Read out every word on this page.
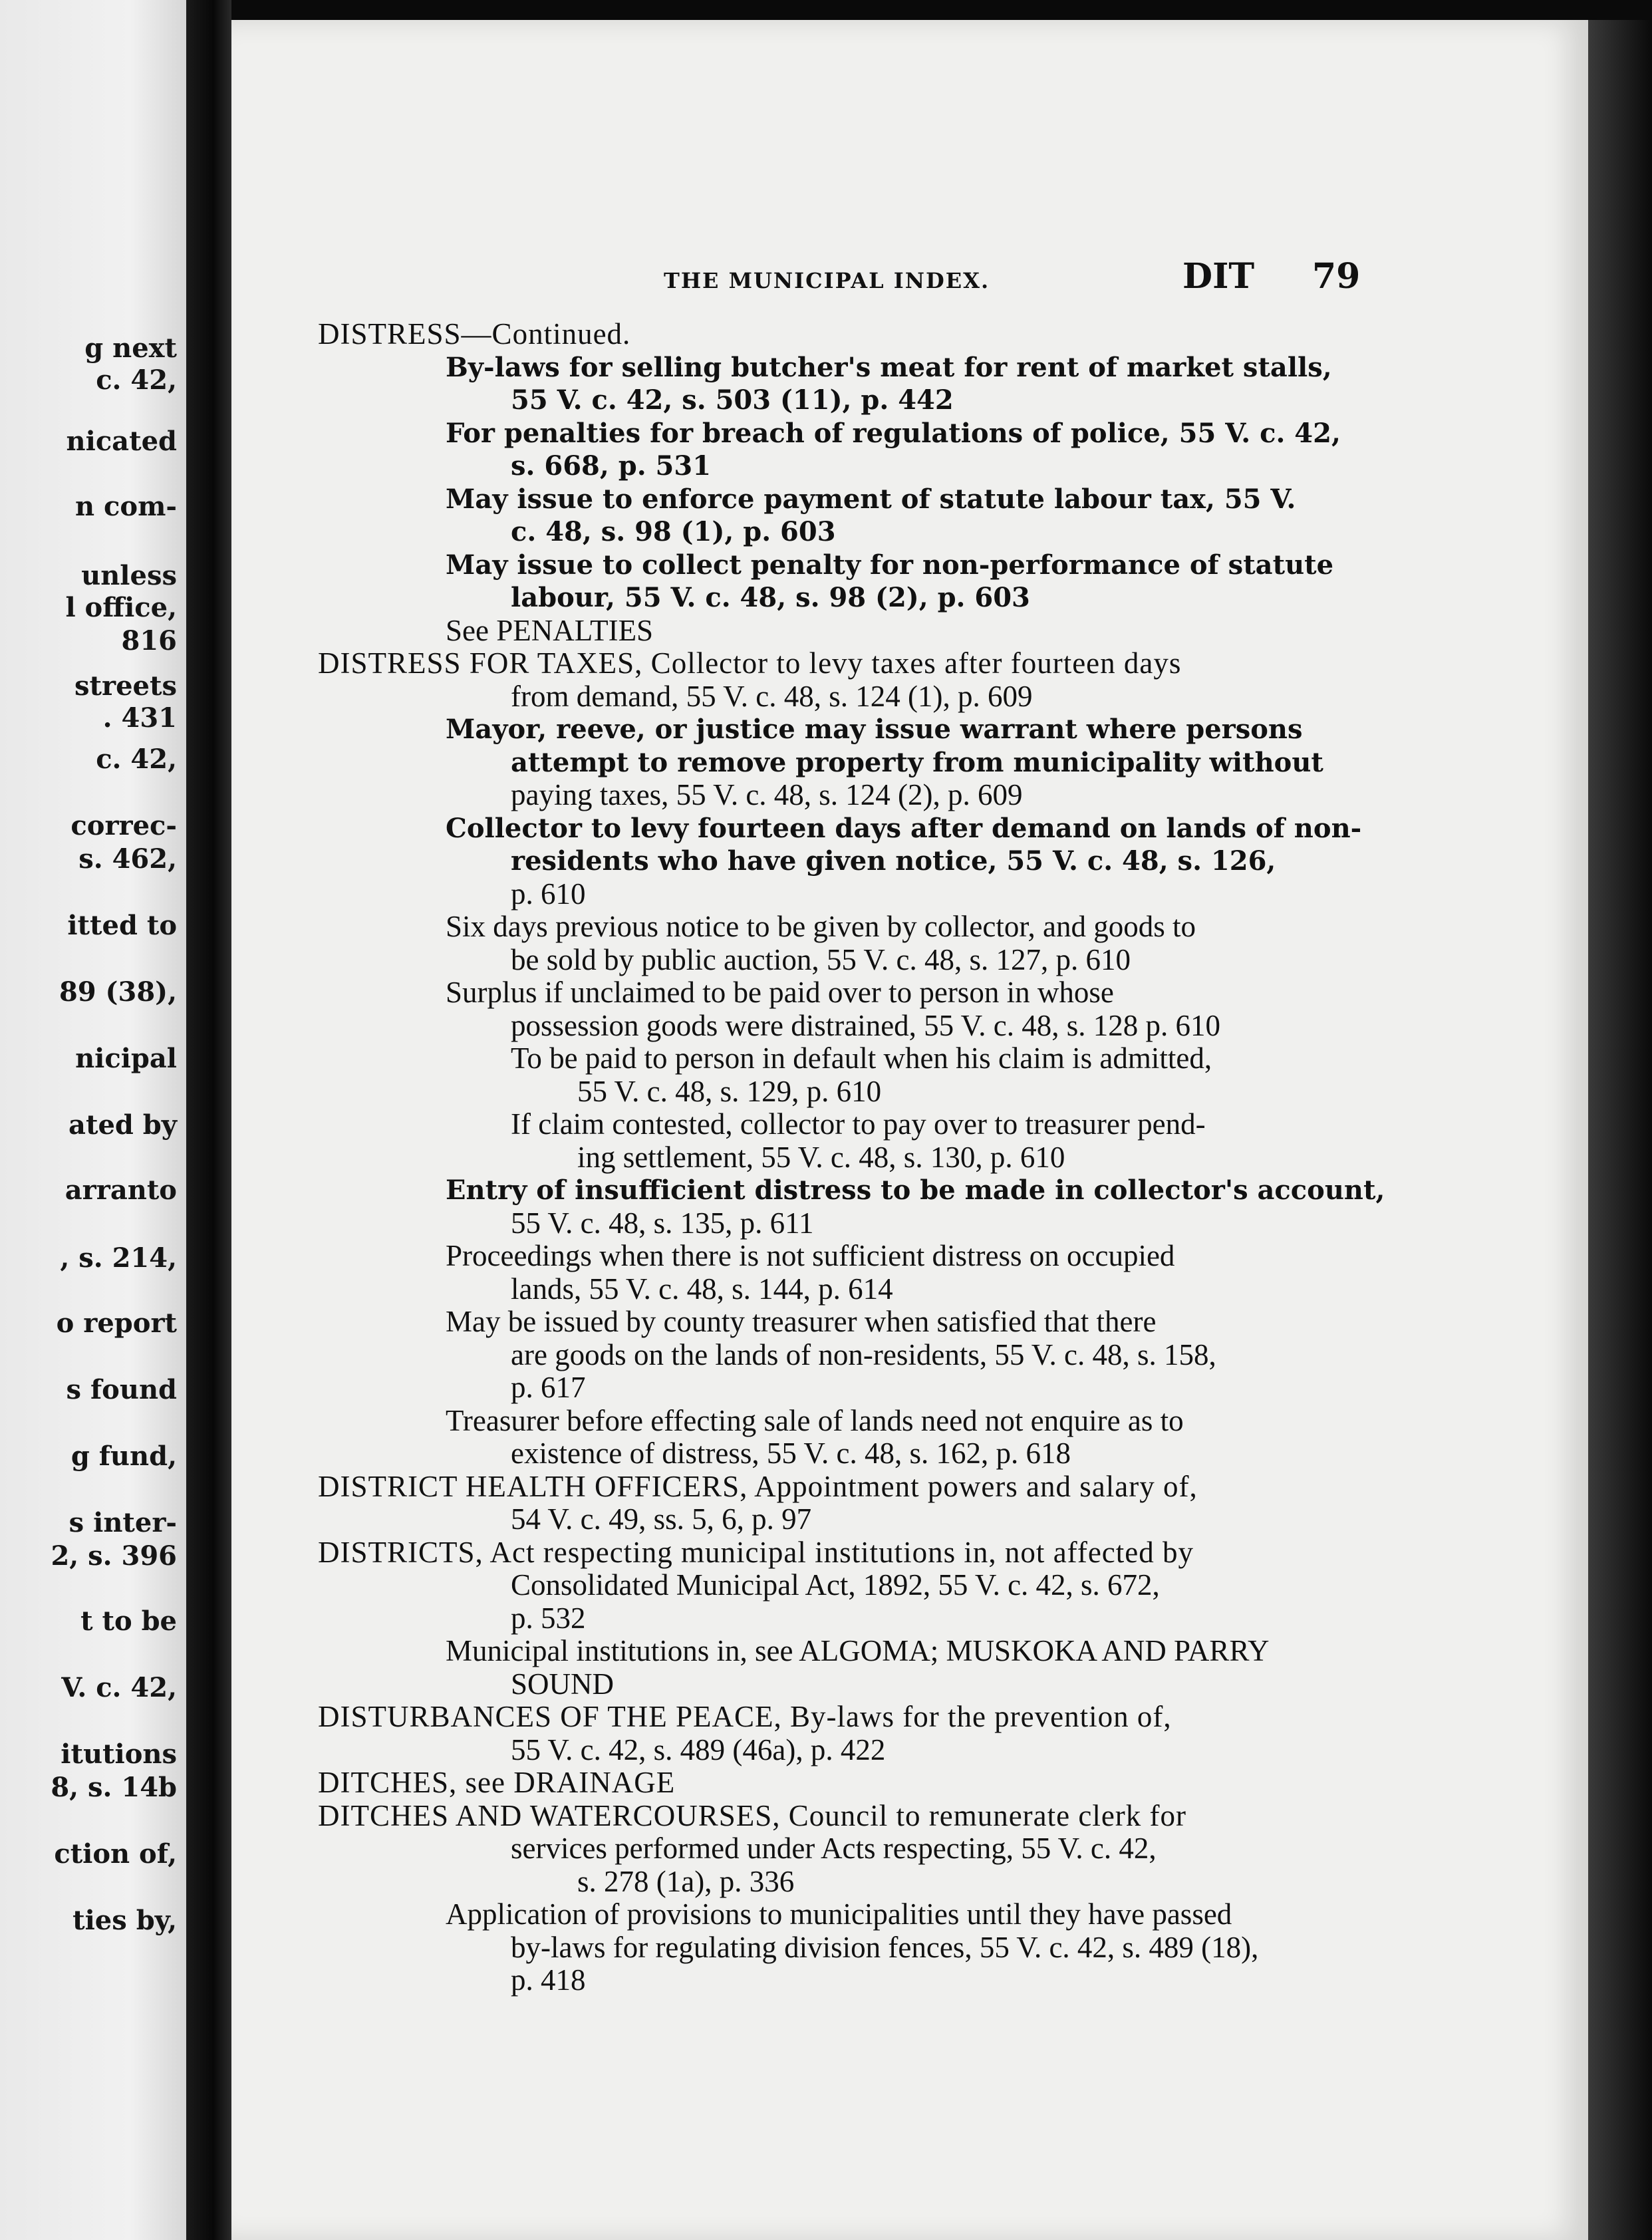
g next
c. 42,
nicated
n com-
unless
l office,
816
streets
. 431
c. 42,
correc-
s. 462,
itted to
89 (38),
nicipal
ated by
arranto
, s. 214,
o report
s found
g fund,
s inter-
2, s. 396
t to be
V. c. 42,
itutions
8, s. 14b
ction of,
ties by,
THE MUNICIPAL INDEX.	DIT 79
DISTRESS—Continued.
By-laws for selling butcher's meat for rent of market stalls,
55 V. c. 42, s. 503 (11), p. 442
For penalties for breach of regulations of police, 55 V. c. 42,
s. 668, p. 531
May issue to enforce payment of statute labour tax, 55 V.
c. 48, s. 98 (1), p. 603
May issue to collect penalty for non-performance of statute
labour, 55 V. c. 48, s. 98 (2), p. 603
See PENALTIES
DISTRESS FOR TAXES, Collector to levy taxes after fourteen days
from demand, 55 V. c. 48, s. 124 (1), p. 609
Mayor, reeve, or justice may issue warrant where persons
attempt to remove property from municipality without
paying taxes, 55 V. c. 48, s. 124 (2), p. 609
Collector to levy fourteen days after demand on lands of non-
residents who have given notice, 55 V. c. 48, s. 126,
p. 610
Six days previous notice to be given by collector, and goods to
be sold by public auction, 55 V. c. 48, s. 127, p. 610
Surplus if unclaimed to be paid over to person in whose
possession goods were distrained, 55 V. c. 48, s. 128 p. 610
To be paid to person in default when his claim is admitted,
55 V. c. 48, s. 129, p. 610
If claim contested, collector to pay over to treasurer pend-
ing settlement, 55 V. c. 48, s. 130, p. 610
Entry of insufficient distress to be made in collector's account,
55 V. c. 48, s. 135, p. 611
Proceedings when there is not sufficient distress on occupied
lands, 55 V. c. 48, s. 144, p. 614
May be issued by county treasurer when satisfied that there
are goods on the lands of non-residents, 55 V. c. 48, s. 158,
p. 617
Treasurer before effecting sale of lands need not enquire as to
existence of distress, 55 V. c. 48, s. 162, p. 618
DISTRICT HEALTH OFFICERS, Appointment powers and salary of,
54 V. c. 49, ss. 5, 6, p. 97
DISTRICTS, Act respecting municipal institutions in, not affected by
Consolidated Municipal Act, 1892, 55 V. c. 42, s. 672,
p. 532
Municipal institutions in, see ALGOMA; MUSKOKA AND PARRY
SOUND
DISTURBANCES OF THE PEACE, By-laws for the prevention of,
55 V. c. 42, s. 489 (46a), p. 422
DITCHES, see DRAINAGE
DITCHES AND WATERCOURSES, Council to remunerate clerk for
services performed under Acts respecting, 55 V. c. 42,
s. 278 (1a), p. 336
Application of provisions to municipalities until they have passed
by-laws for regulating division fences, 55 V. c. 42, s. 489 (18),
p. 418
